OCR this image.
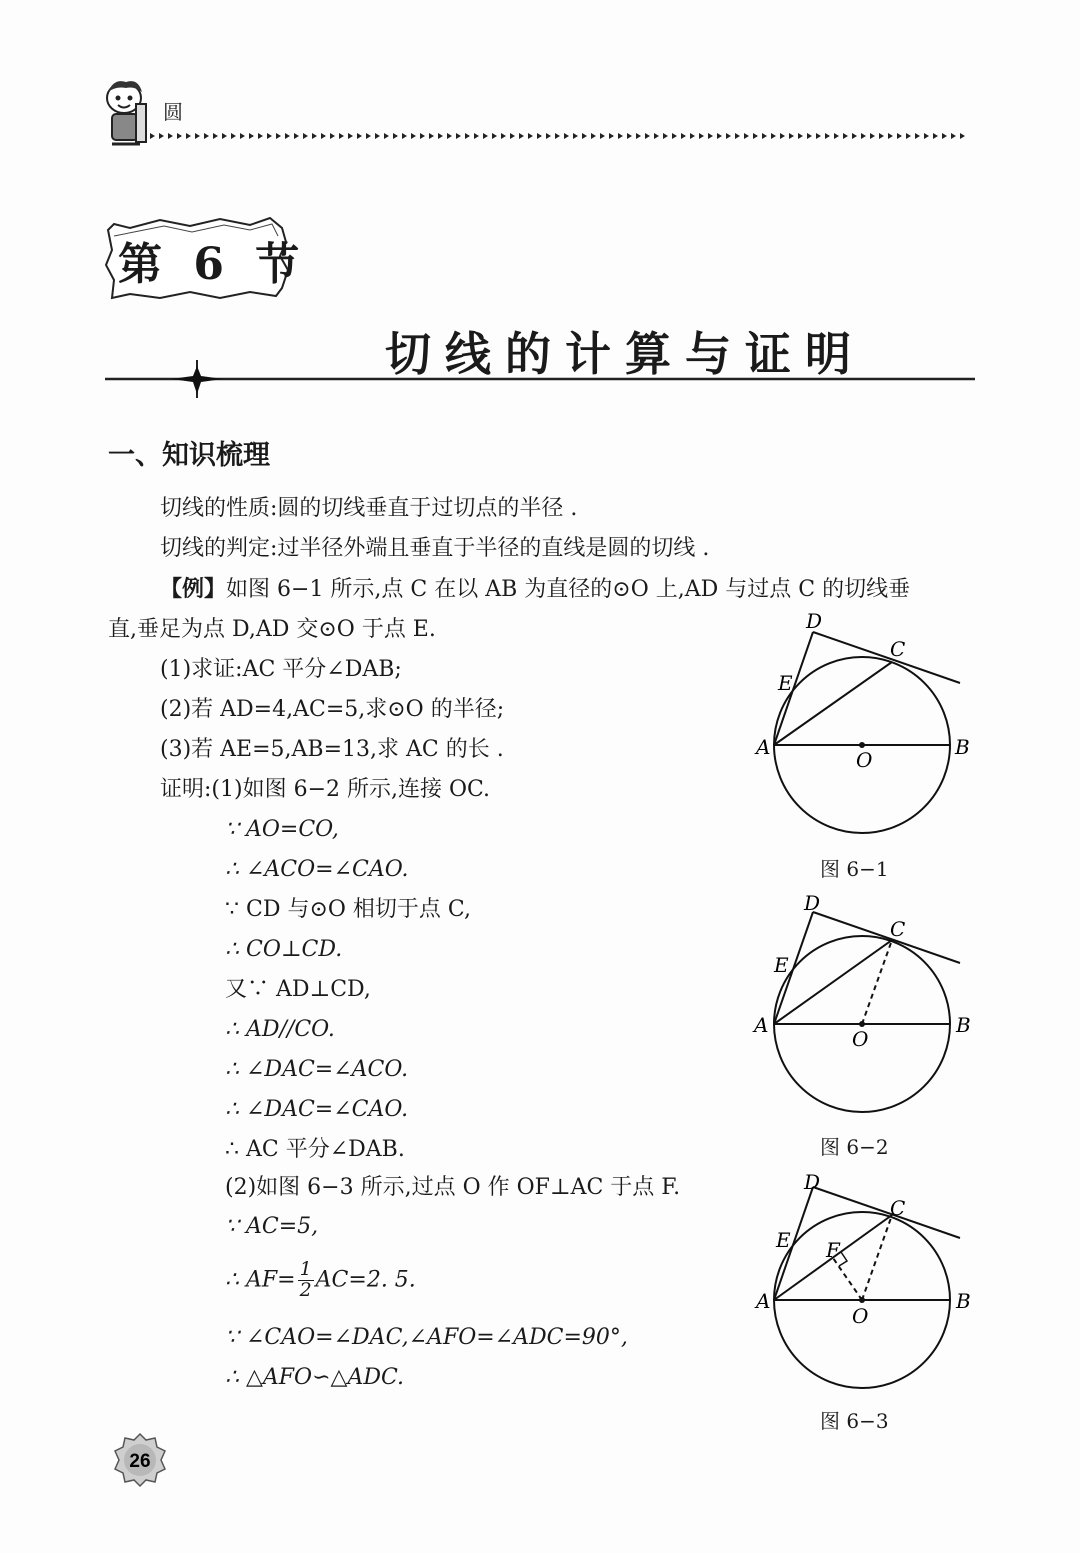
圆
第 6 节
切线的计算与证明
一、知识梳理
切线的性质:圆的切线垂直于过切点的半径 .
切线的判定:过半径外端且垂直于半径的直线是圆的切线 .
【例】如图 6−1 所示,点 C 在以 AB 为直径的⊙O 上,AD 与过点 C 的切线垂
直,垂足为点 D,AD 交⊙O 于点 E.
(1)求证:AC 平分∠DAB;
(2)若 AD=4,AC=5,求⊙O 的半径;
(3)若 AE=5,AB=13,求 AC 的长 .
证明:(1)如图 6−2 所示,连接 OC.
∵ AO=CO,
∴ ∠ACO=∠CAO.
∵ CD 与⊙O 相切于点 C,
∴ CO⊥CD.
又∵ AD⊥CD,
∴ AD//CO.
∴ ∠DAC=∠ACO.
∴ ∠DAC=∠CAO.
∴ AC 平分∠DAB.
(2)如图 6−3 所示,过点 O 作 OF⊥AC 于点 F.
∵ AC=5,
∴ $AF= \frac{1}{2} AC=2$. 5.
∵ ∠CAO=∠DAC,∠AFO=∠ADC=90°,
∴ △AFO∽△ADC.
D
C
E
A	B
O
图 6−1
D
C
E
A	B
O
图 6−2
D
C
E F
A	B
O
图 6−3
26
